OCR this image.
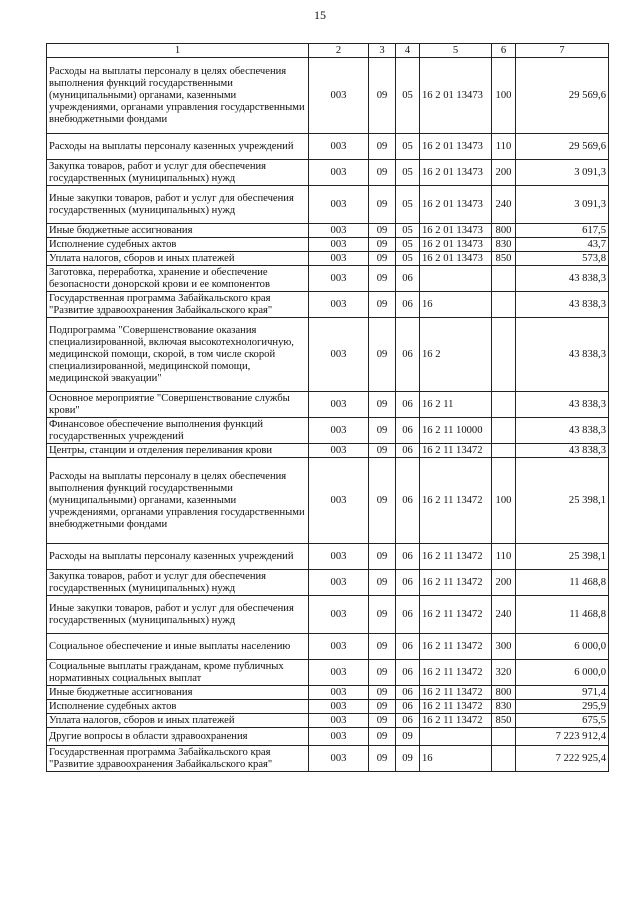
15
1	2	3	4	5	6	7
Расходы на выплаты персоналу в целях обеспечения выполнения функций государственными (муниципальными) органами, казенными учреждениями, органами управления государственными внебюджетными фондами	003	09	05	16 2 01 13473	100	29 569,6
Расходы на выплаты персоналу казенных учреждений	003	09	05	16 2 01 13473	110	29 569,6
Закупка товаров, работ и услуг для обеспечения государственных (муниципальных) нужд	003	09	05	16 2 01 13473	200	3 091,3
Иные закупки товаров, работ и услуг для обеспечения государственных (муниципальных) нужд	003	09	05	16 2 01 13473	240	3 091,3
Иные бюджетные ассигнования	003	09	05	16 2 01 13473	800	617,5
Исполнение судебных актов	003	09	05	16 2 01 13473	830	43,7
Уплата налогов, сборов и иных платежей	003	09	05	16 2 01 13473	850	573,8
Заготовка, переработка, хранение и обеспечение безопасности донорской крови и ее компонентов	003	09	06			43 838,3
Государственная программа Забайкальского края "Развитие здравоохранения Забайкальского края"	003	09	06	16		43 838,3
Подпрограмма "Совершенствование оказания специализированной, включая высокотехнологичную, медицинской помощи, скорой, в том числе скорой специализированной, медицинской помощи, медицинской эвакуации"	003	09	06	16 2		43 838,3
Основное мероприятие "Совершенствование службы крови"	003	09	06	16 2 11		43 838,3
Финансовое обеспечение выполнения функций государственных учреждений	003	09	06	16 2 11 10000		43 838,3
Центры, станции и отделения переливания крови	003	09	06	16 2 11 13472		43 838,3
Расходы на выплаты персоналу в целях обеспечения выполнения функций государственными (муниципальными) органами, казенными учреждениями, органами управления государственными внебюджетными фондами	003	09	06	16 2 11 13472	100	25 398,1
Расходы на выплаты персоналу казенных учреждений	003	09	06	16 2 11 13472	110	25 398,1
Закупка товаров, работ и услуг для обеспечения государственных (муниципальных) нужд	003	09	06	16 2 11 13472	200	11 468,8
Иные закупки товаров, работ и услуг для обеспечения государственных (муниципальных) нужд	003	09	06	16 2 11 13472	240	11 468,8
Социальное обеспечение и иные выплаты населению	003	09	06	16 2 11 13472	300	6 000,0
Социальные выплаты гражданам, кроме публичных нормативных социальных выплат	003	09	06	16 2 11 13472	320	6 000,0
Иные бюджетные ассигнования	003	09	06	16 2 11 13472	800	971,4
Исполнение судебных актов	003	09	06	16 2 11 13472	830	295,9
Уплата налогов, сборов и иных платежей	003	09	06	16 2 11 13472	850	675,5
Другие вопросы в области здравоохранения	003	09	09			7 223 912,4
Государственная программа Забайкальского края "Развитие здравоохранения Забайкальского края"	003	09	09	16		7 222 925,4
